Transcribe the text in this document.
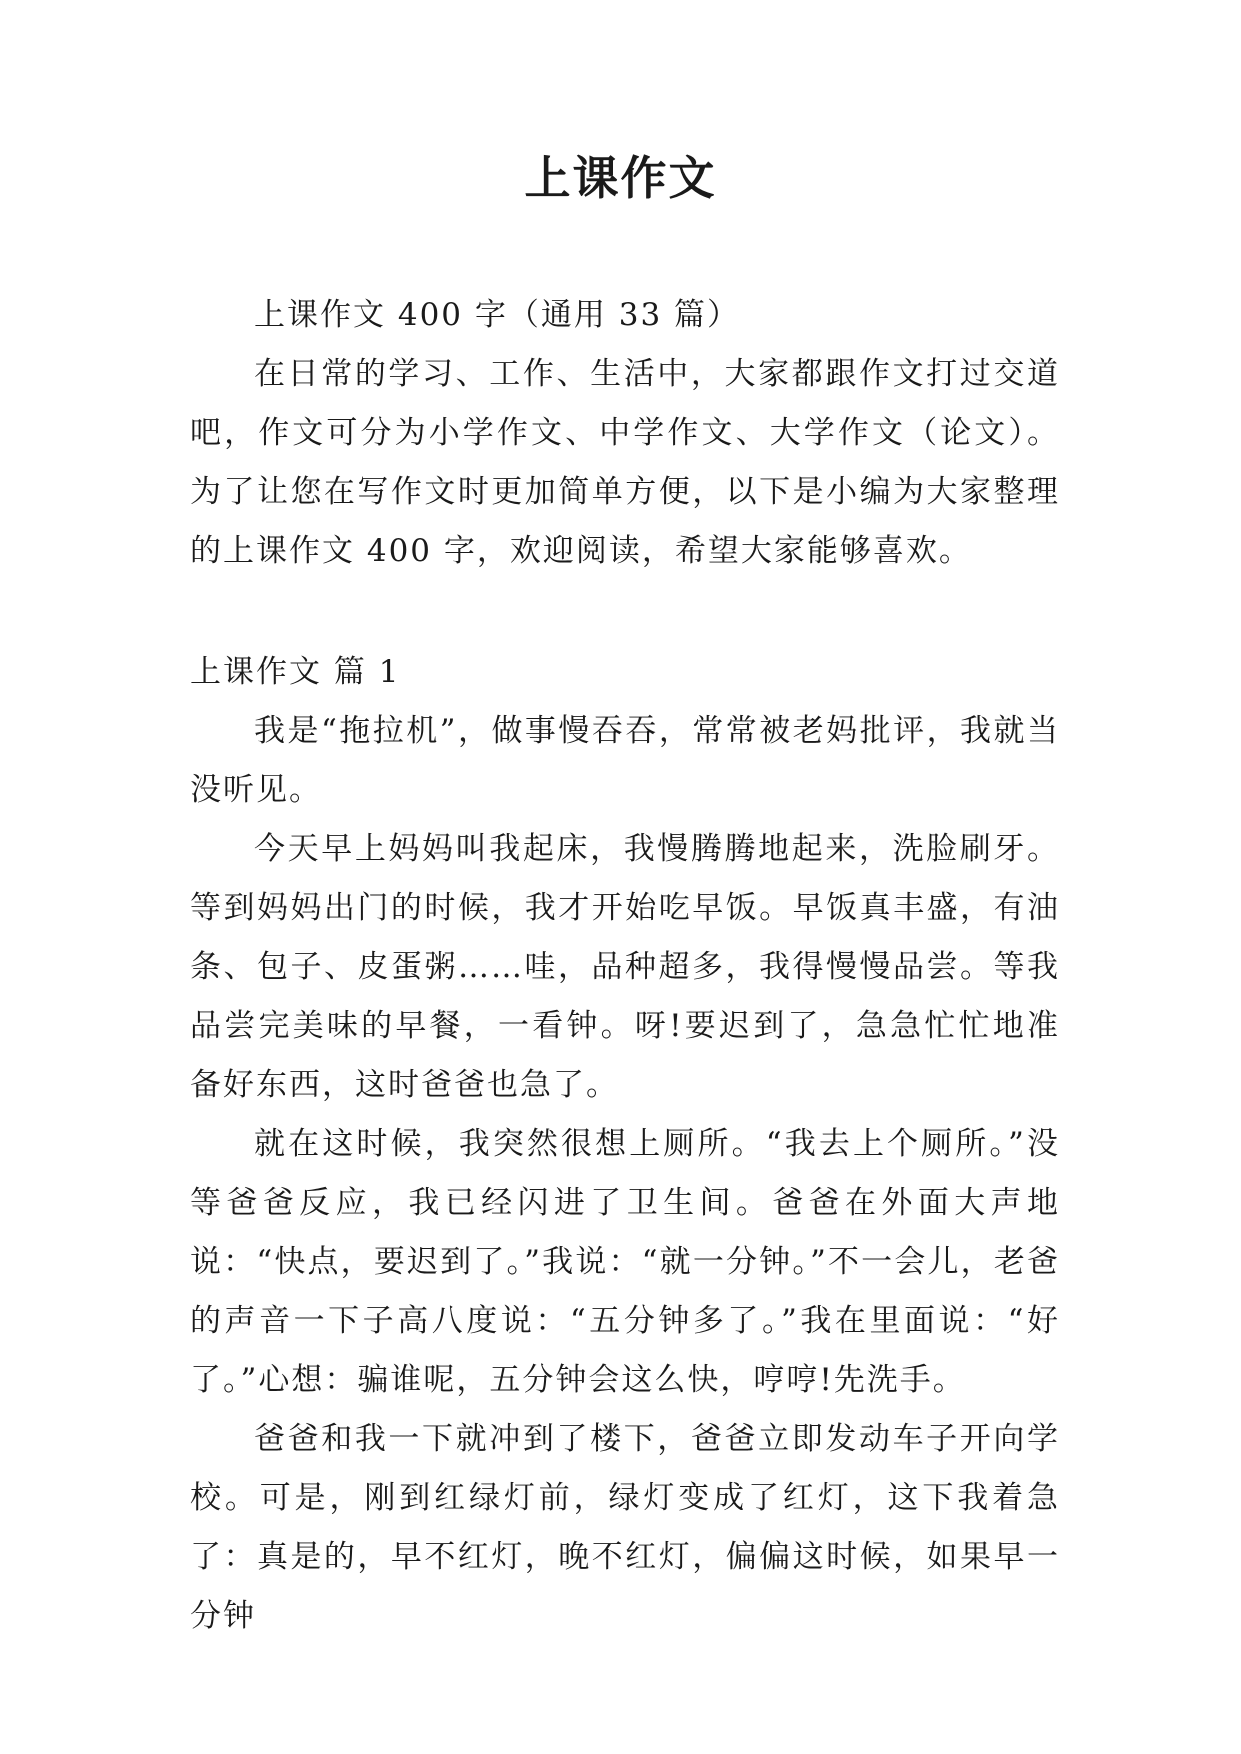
上课作文

上课作文 400 字（通用 33 篇）

在日常的学习、工作、生活中，大家都跟作文打过交道吧，作文可分为小学作文、中学作文、大学作文（论文）。为了让您在写作文时更加简单方便，以下是小编为大家整理的上课作文 400 字，欢迎阅读，希望大家能够喜欢。

上课作文 篇 1

我是“拖拉机”，做事慢吞吞，常常被老妈批评，我就当没听见。

今天早上妈妈叫我起床，我慢腾腾地起来，洗脸刷牙。等到妈妈出门的时候，我才开始吃早饭。早饭真丰盛，有油条、包子、皮蛋粥……哇，品种超多，我得慢慢品尝。等我品尝完美味的早餐，一看钟。呀!要迟到了，急急忙忙地准备好东西，这时爸爸也急了。

就在这时候，我突然很想上厕所。“我去上个厕所。”没等爸爸反应，我已经闪进了卫生间。爸爸在外面大声地说：“快点，要迟到了。”我说：“就一分钟。”不一会儿，老爸的声音一下子高八度说：“五分钟多了。”我在里面说：“好了。”心想：骗谁呢，五分钟会这么快，哼哼!先洗手。

爸爸和我一下就冲到了楼下，爸爸立即发动车子开向学校。可是，刚到红绿灯前，绿灯变成了红灯，这下我着急了：真是的，早不红灯，晚不红灯，偏偏这时候，如果早一分钟
